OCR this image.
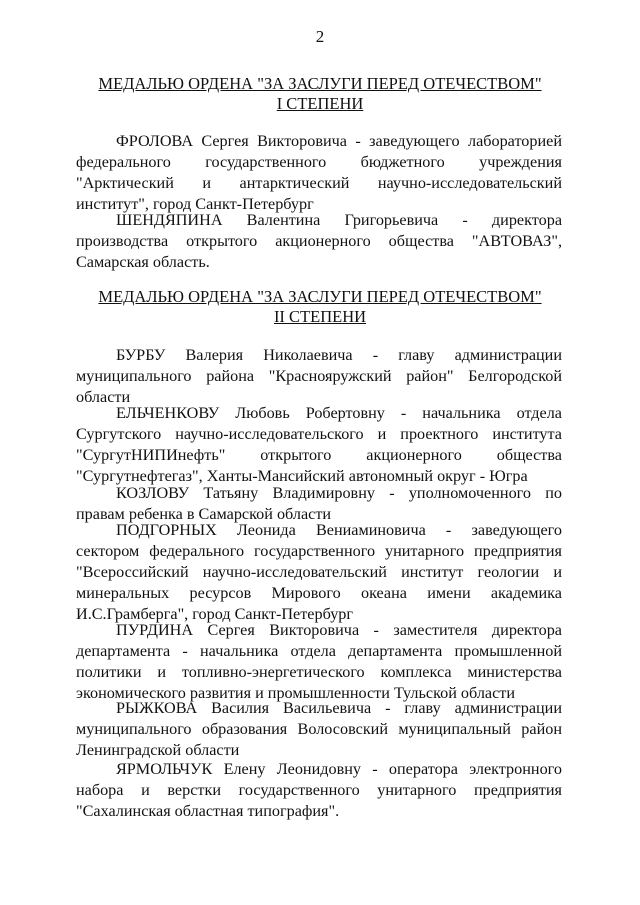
2
МЕДАЛЬЮ ОРДЕНА "ЗА ЗАСЛУГИ ПЕРЕД ОТЕЧЕСТВОМ"
I СТЕПЕНИ
ФРОЛОВА Сергея Викторовича - заведующего лабораторией
федерального государственного бюджетного учреждения
"Арктический и антарктический научно-исследовательский
институт", город Санкт-Петербург
ШЕНДЯПИНА Валентина Григорьевича - директора
производства открытого акционерного общества "АВТОВАЗ",
Самарская область.
МЕДАЛЬЮ ОРДЕНА "ЗА ЗАСЛУГИ ПЕРЕД ОТЕЧЕСТВОМ"
II СТЕПЕНИ
БУРБУ Валерия Николаевича - главу администрации
муниципального района "Краснояружский район" Белгородской
области
ЕЛЬЧЕНКОВУ Любовь Робертовну - начальника отдела
Сургутского научно-исследовательского и проектного института
"СургутНИПИнефть" открытого акционерного общества
"Сургутнефтегаз", Ханты-Мансийский автономный округ - Югра
КОЗЛОВУ Татьяну Владимировну - уполномоченного по
правам ребенка в Самарской области
ПОДГОРНЫХ Леонида Вениаминовича - заведующего
сектором федерального государственного унитарного предприятия
"Всероссийский научно-исследовательский институт геологии и
минеральных ресурсов Мирового океана имени академика
И.С.Грамберга", город Санкт-Петербург
ПУРДИНА Сергея Викторовича - заместителя директора
департамента - начальника отдела департамента промышленной
политики и топливно-энергетического комплекса министерства
экономического развития и промышленности Тульской области
РЫЖКОВА Василия Васильевича - главу администрации
муниципального образования Волосовский муниципальный район
Ленинградской области
ЯРМОЛЬЧУК Елену Леонидовну - оператора электронного
набора и верстки государственного унитарного предприятия
"Сахалинская областная типография".
